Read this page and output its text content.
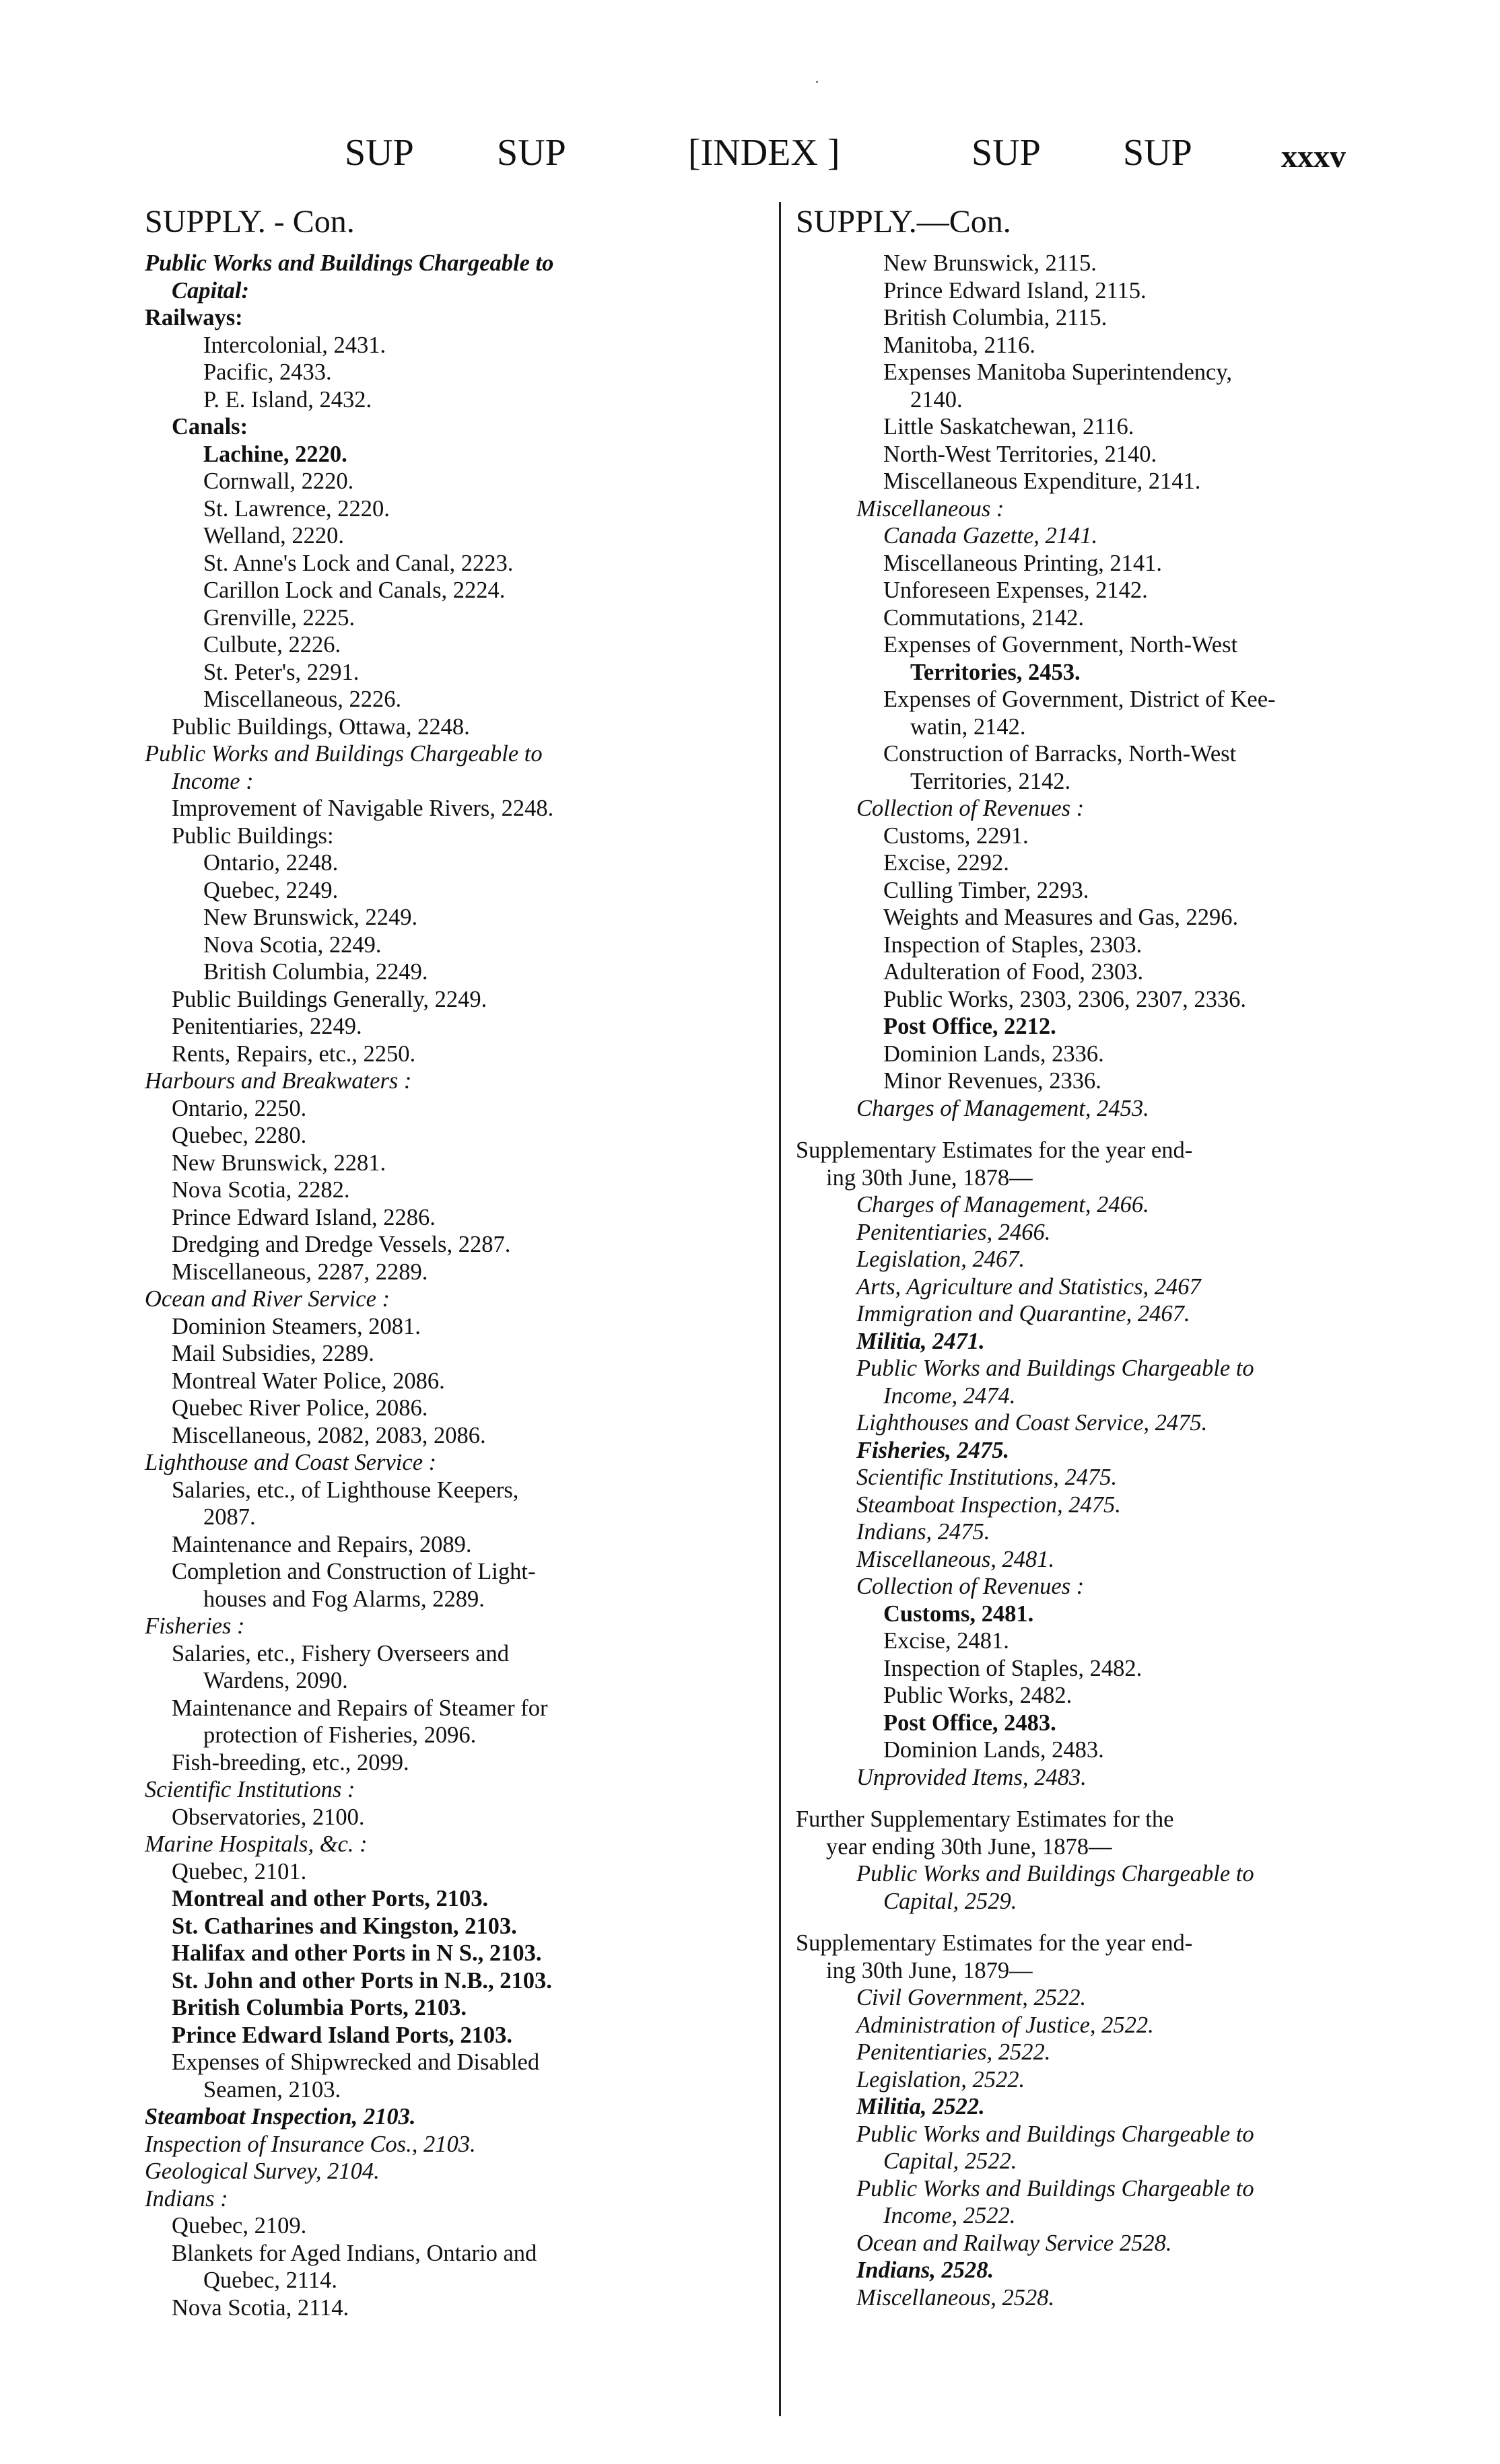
SUP SUP	[INDEX ]	SUP SUP	xxxv
SUPPLY. - Con.
Public Works and Buildings Chargeable to
Capital:
Railways:
Intercolonial, 2431.
Pacific, 2433.
P. E. Island, 2432.
Canals:
Lachine, 2220.
Cornwall, 2220.
St. Lawrence, 2220.
Welland, 2220.
St. Anne's Lock and Canal, 2223.
Carillon Lock and Canals, 2224.
Grenville, 2225.
Culbute, 2226.
St. Peter's, 2291.
Miscellaneous, 2226.
Public Buildings, Ottawa, 2248.
Public Works and Buildings Chargeable to
Income :
Improvement of Navigable Rivers, 2248.
Public Buildings:
Ontario, 2248.
Quebec, 2249.
New Brunswick, 2249.
Nova Scotia, 2249.
British Columbia, 2249.
Public Buildings Generally, 2249.
Penitentiaries, 2249.
Rents, Repairs, etc., 2250.
Harbours and Breakwaters :
Ontario, 2250.
Quebec, 2280.
New Brunswick, 2281.
Nova Scotia, 2282.
Prince Edward Island, 2286.
Dredging and Dredge Vessels, 2287.
Miscellaneous, 2287, 2289.
Ocean and River Service :
Dominion Steamers, 2081.
Mail Subsidies, 2289.
Montreal Water Police, 2086.
Quebec River Police, 2086.
Miscellaneous, 2082, 2083, 2086.
Lighthouse and Coast Service :
Salaries, etc., of Lighthouse Keepers,
2087.
Maintenance and Repairs, 2089.
Completion and Construction of Light-
houses and Fog Alarms, 2289.
Fisheries :
Salaries, etc., Fishery Overseers and
Wardens, 2090.
Maintenance and Repairs of Steamer for
protection of Fisheries, 2096.
Fish-breeding, etc., 2099.
Scientific Institutions :
Observatories, 2100.
Marine Hospitals, &c. :
Quebec, 2101.
Montreal and other Ports, 2103.
St. Catharines and Kingston, 2103.
Halifax and other Ports in N S., 2103.
St. John and other Ports in N.B., 2103.
British Columbia Ports, 2103.
Prince Edward Island Ports, 2103.
Expenses of Shipwrecked and Disabled
Seamen, 2103.
Steamboat Inspection, 2103.
Inspection of Insurance Cos., 2103.
Geological Survey, 2104.
Indians :
Quebec, 2109.
Blankets for Aged Indians, Ontario and
Quebec, 2114.
Nova Scotia, 2114.
SUPPLY.—Con.
New Brunswick, 2115.
Prince Edward Island, 2115.
British Columbia, 2115.
Manitoba, 2116.
Expenses Manitoba Superintendency,
2140.
Little Saskatchewan, 2116.
North-West Territories, 2140.
Miscellaneous Expenditure, 2141.
Miscellaneous :
Canada Gazette, 2141.
Miscellaneous Printing, 2141.
Unforeseen Expenses, 2142.
Commutations, 2142.
Expenses of Government, North-West
Territories, 2453.
Expenses of Government, District of Kee-
watin, 2142.
Construction of Barracks, North-West
Territories, 2142.
Collection of Revenues :
Customs, 2291.
Excise, 2292.
Culling Timber, 2293.
Weights and Measures and Gas, 2296.
Inspection of Staples, 2303.
Adulteration of Food, 2303.
Public Works, 2303, 2306, 2307, 2336.
Post Office, 2212.
Dominion Lands, 2336.
Minor Revenues, 2336.
Charges of Management, 2453.
Supplementary Estimates for the year end-
ing 30th June, 1878—
Charges of Management, 2466.
Penitentiaries, 2466.
Legislation, 2467.
Arts, Agriculture and Statistics, 2467
Immigration and Quarantine, 2467.
Militia, 2471.
Public Works and Buildings Chargeable to
Income, 2474.
Lighthouses and Coast Service, 2475.
Fisheries, 2475.
Scientific Institutions, 2475.
Steamboat Inspection, 2475.
Indians, 2475.
Miscellaneous, 2481.
Collection of Revenues :
Customs, 2481.
Excise, 2481.
Inspection of Staples, 2482.
Public Works, 2482.
Post Office, 2483.
Dominion Lands, 2483.
Unprovided Items, 2483.
Further Supplementary Estimates for the
year ending 30th June, 1878—
Public Works and Buildings Chargeable to
Capital, 2529.
Supplementary Estimates for the year end-
ing 30th June, 1879—
Civil Government, 2522.
Administration of Justice, 2522.
Penitentiaries, 2522.
Legislation, 2522.
Militia, 2522.
Public Works and Buildings Chargeable to
Capital, 2522.
Public Works and Buildings Chargeable to
Income, 2522.
Ocean and Railway Service 2528.
Indians, 2528.
Miscellaneous, 2528.
